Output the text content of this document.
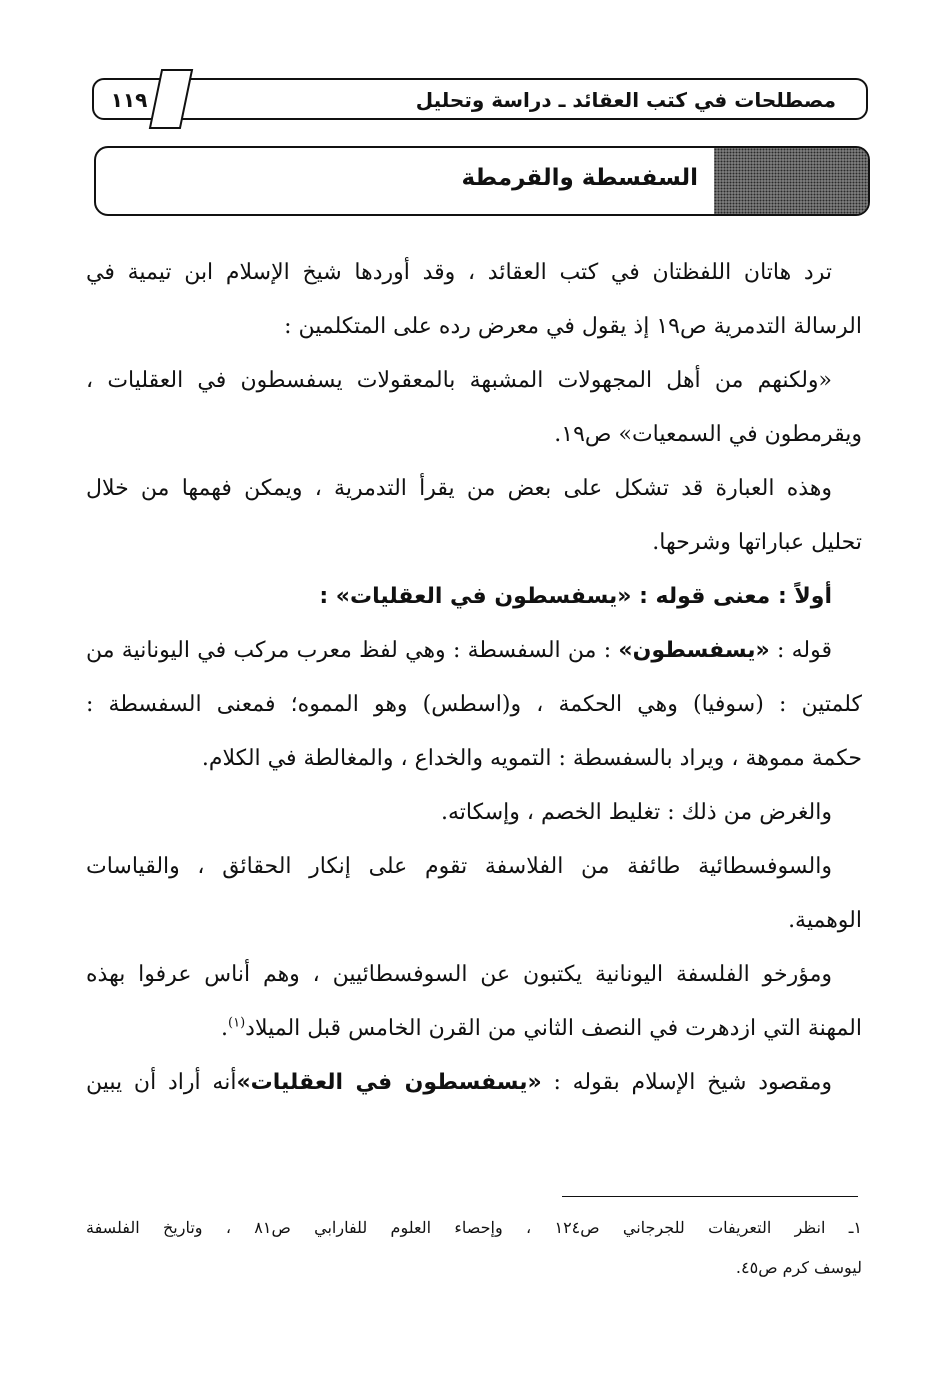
١١٩	مصطلحات في كتب العقائد ـ دراسة وتحليل
السفسطة والقرمطة
ترد هاتان اللفظتان في كتب العقائد ، وقد أوردها شيخ الإسلام ابن تيمية في
الرسالة التدمرية ص١٩ إذ يقول في معرض رده على المتكلمين :
«ولكنهم من أهل المجهولات المشبهة بالمعقولات يسفسطون في العقليات ،
ويقرمطون في السمعيات» ص١٩.
وهذه العبارة قد تشكل على بعض من يقرأ التدمرية ، ويمكن فهمها من خلال
تحليل عباراتها وشرحها.
أولاً : معنى قوله : «يسفسطون في العقليات» :
قوله : «يسفسطون» : من السفسطة : وهي لفظ معرب مركب في اليونانية من
كلمتين : (سوفيا) وهي الحكمة ، و(اسطس) وهو المموه؛ فمعنى السفسطة :
حكمة مموهة ، ويراد بالسفسطة : التمويه والخداع ، والمغالطة في الكلام.
والغرض من ذلك : تغليط الخصم ، وإسكاته.
والسوفسطائية طائفة من الفلاسفة تقوم على إنكار الحقائق ، والقياسات
الوهمية.
ومؤرخو الفلسفة اليونانية يكتبون عن السوفسطائيين ، وهم أناس عرفوا بهذه
المهنة التي ازدهرت في النصف الثاني من القرن الخامس قبل الميلاد$^{(١)}$.
ومقصود شيخ الإسلام بقوله : «يسفسطون في العقليات»أنه أراد أن يبين
١ـ انظر التعريفات للجرجاني ص١٢٤ ، وإحصاء العلوم للفارابي ص٨١ ، وتاريخ الفلسفة
ليوسف كرم ص٤٥.
